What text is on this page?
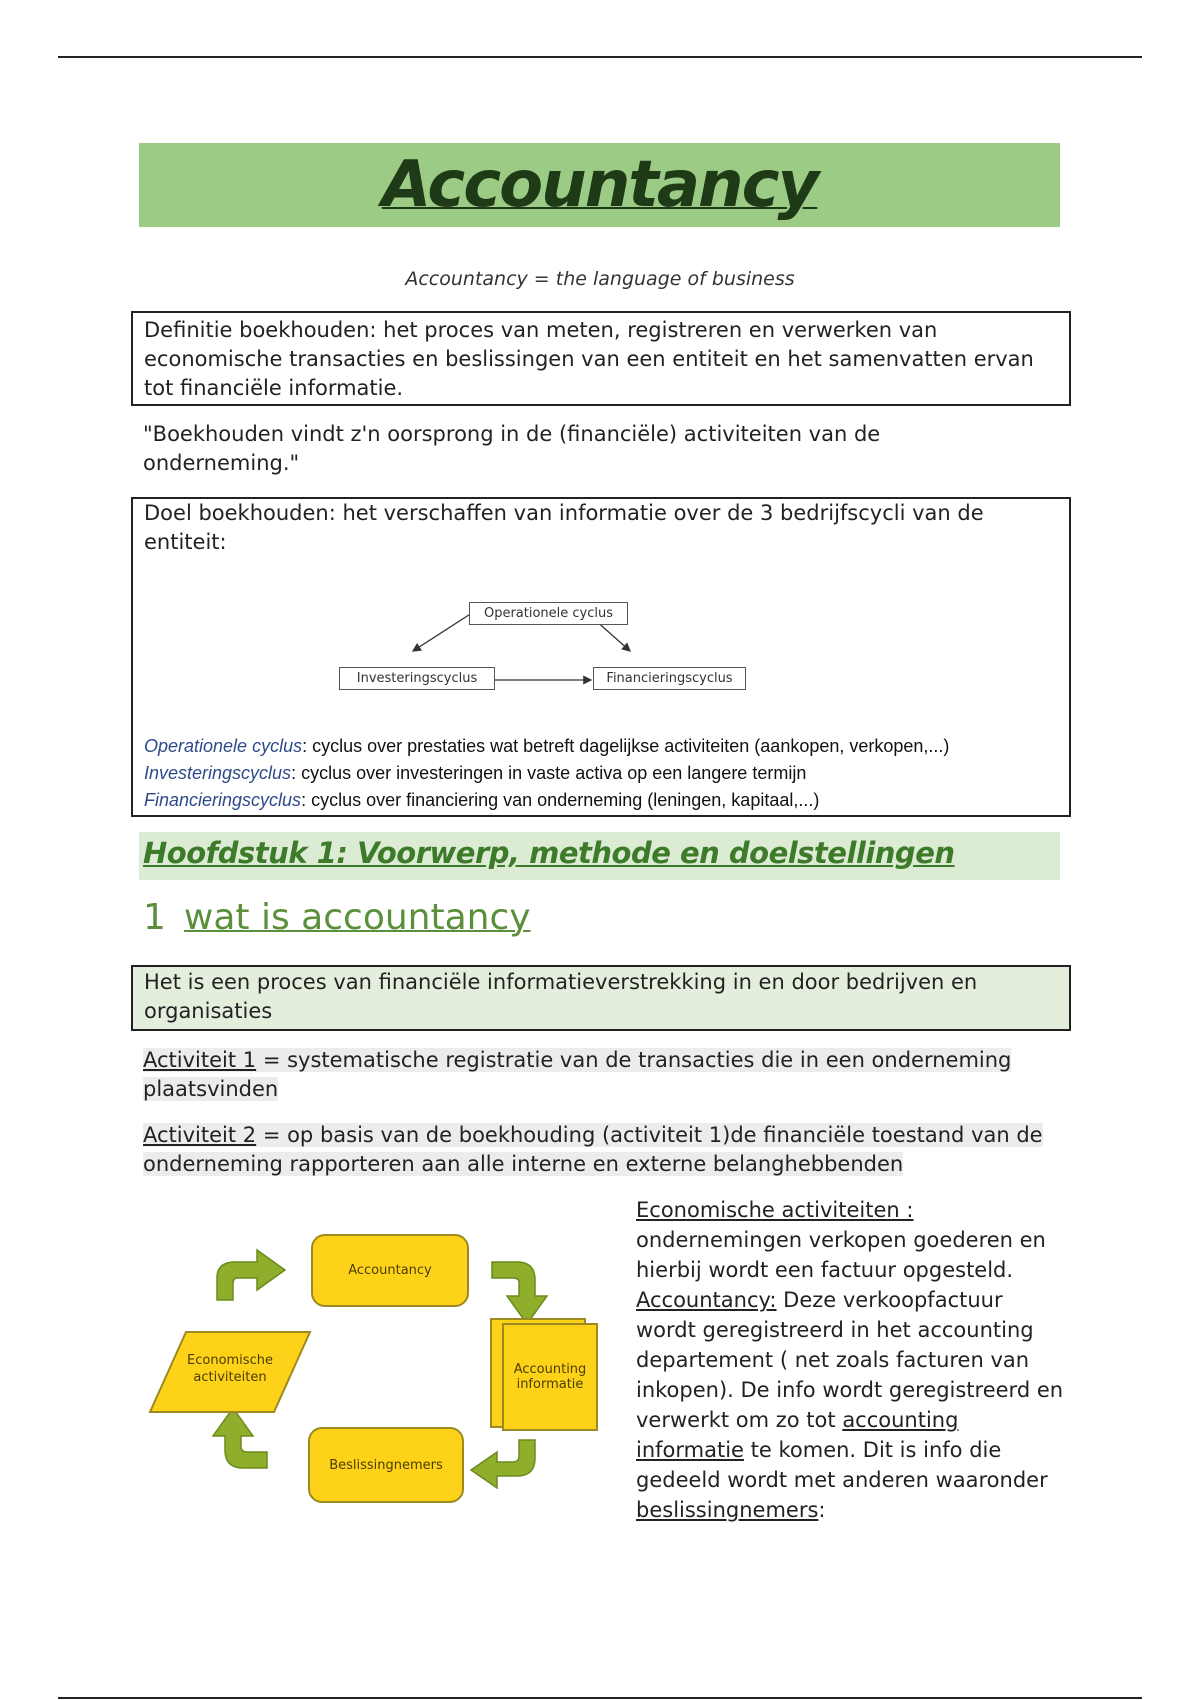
Accountancy
Accountancy = the language of business
Definitie boekhouden: het proces van meten, registreren en verwerken van economische transacties en beslissingen van een entiteit en het samenvatten ervan tot financiële informatie.
"Boekhouden vindt z'n oorsprong in de (financiële) activiteiten van de onderneming."
Doel boekhouden: het verschaffen van informatie over de 3 bedrijfscycli van de entiteit:
Operationele cyclus
Investeringscyclus	Financieringscyclus
Operationele cyclus: cyclus over prestaties wat betreft dagelijkse activiteiten (aankopen, verkopen,...)
Investeringscyclus: cyclus over investeringen in vaste activa op een langere termijn
Financieringscyclus: cyclus over financiering van onderneming (leningen, kapitaal,...)
Hoofdstuk 1: Voorwerp, methode en doelstellingen
1 wat is accountancy
Het is een proces van financiële informatieverstrekking in en door bedrijven en organisaties
Activiteit 1 = systematische registratie van de transacties die in een onderneming plaatsvinden
Activiteit 2 = op basis van de boekhouding (activiteit 1)de financiële toestand van de onderneming rapporteren aan alle interne en externe belanghebbenden
Accountancy
Accounting informatie
Beslissingnemers
Economische activiteiten
Economische activiteiten : ondernemingen verkopen goederen en hierbij wordt een factuur opgesteld. Accountancy: Deze verkoopfactuur wordt geregistreerd in het accounting departement ( net zoals facturen van inkopen). De info wordt geregistreerd en verwerkt om zo tot accounting informatie te komen. Dit is info die gedeeld wordt met anderen waaronder beslissingnemers:
